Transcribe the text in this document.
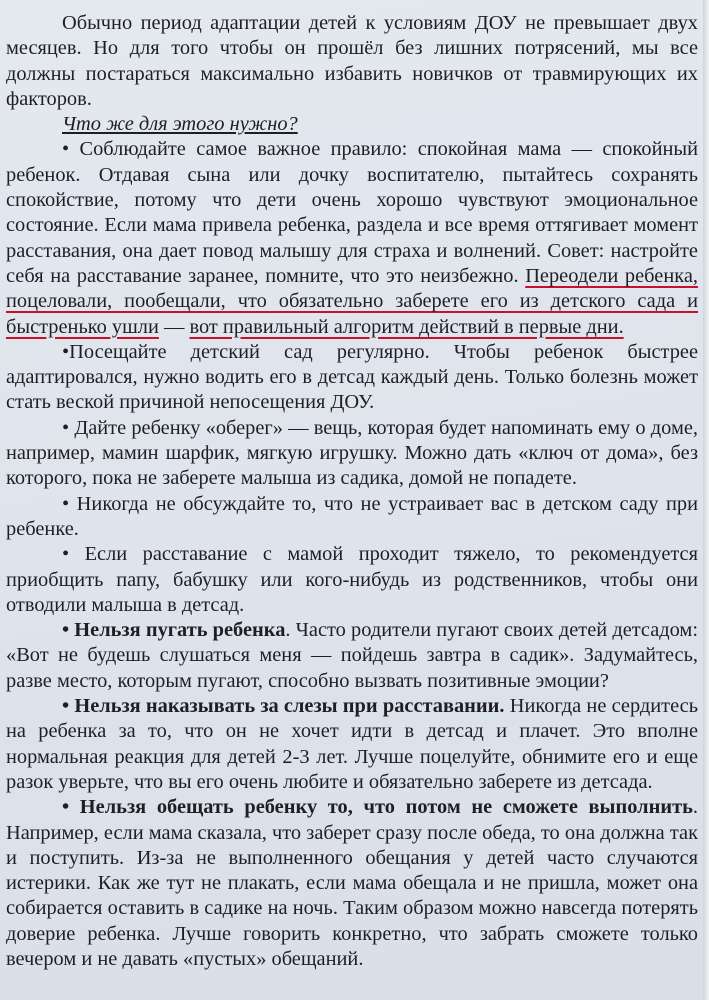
Обычно период адаптации детей к условиям ДОУ не превышает двух месяцев. Но для того чтобы он прошёл без лишних потрясений, мы все должны постараться максимально избавить новичков от травмирующих их факторов.

Что же для этого нужно?

• Соблюдайте самое важное правило: спокойная мама — спокойный ребенок. Отдавая сына или дочку воспитателю, пытайтесь сохранять спокойствие, потому что дети очень хорошо чувствуют эмоциональное состояние. Если мама привела ребенка, раздела и все время оттягивает момент расставания, она дает повод малышу для страха и волнений. Совет: настройте себя на расставание заранее, помните, что это неизбежно. Переодели ребенка, поцеловали, пообещали, что обязательно заберете его из детского сада и быстренько ушли — вот правильный алгоритм действий в первые дни.

•Посещайте детский сад регулярно. Чтобы ребенок быстрее адаптировался, нужно водить его в детсад каждый день. Только болезнь может стать веской причиной непосещения ДОУ.

• Дайте ребенку «оберег» — вещь, которая будет напоминать ему о доме, например, мамин шарфик, мягкую игрушку. Можно дать «ключ от дома», без которого, пока не заберете малыша из садика, домой не попадете.

• Никогда не обсуждайте то, что не устраивает вас в детском саду при ребенке.

• Если расставание с мамой проходит тяжело, то рекомендуется приобщить папу, бабушку или кого-нибудь из родственников, чтобы они отводили малыша в детсад.

• Нельзя пугать ребенка. Часто родители пугают своих детей детсадом: «Вот не будешь слушаться меня — пойдешь завтра в садик». Задумайтесь, разве место, которым пугают, способно вызвать позитивные эмоции?

• Нельзя наказывать за слезы при расставании. Никогда не сердитесь на ребенка за то, что он не хочет идти в детсад и плачет. Это вполне нормальная реакция для детей 2-3 лет. Лучше поцелуйте, обнимите его и еще разок уверьте, что вы его очень любите и обязательно заберете из детсада.

• Нельзя обещать ребенку то, что потом не сможете выполнить. Например, если мама сказала, что заберет сразу после обеда, то она должна так и поступить. Из-за не выполненного обещания у детей часто случаются истерики. Как же тут не плакать, если мама обещала и не пришла, может она собирается оставить в садике на ночь. Таким образом можно навсегда потерять доверие ребенка. Лучше говорить конкретно, что забрать сможете только вечером и не давать «пустых» обещаний.
